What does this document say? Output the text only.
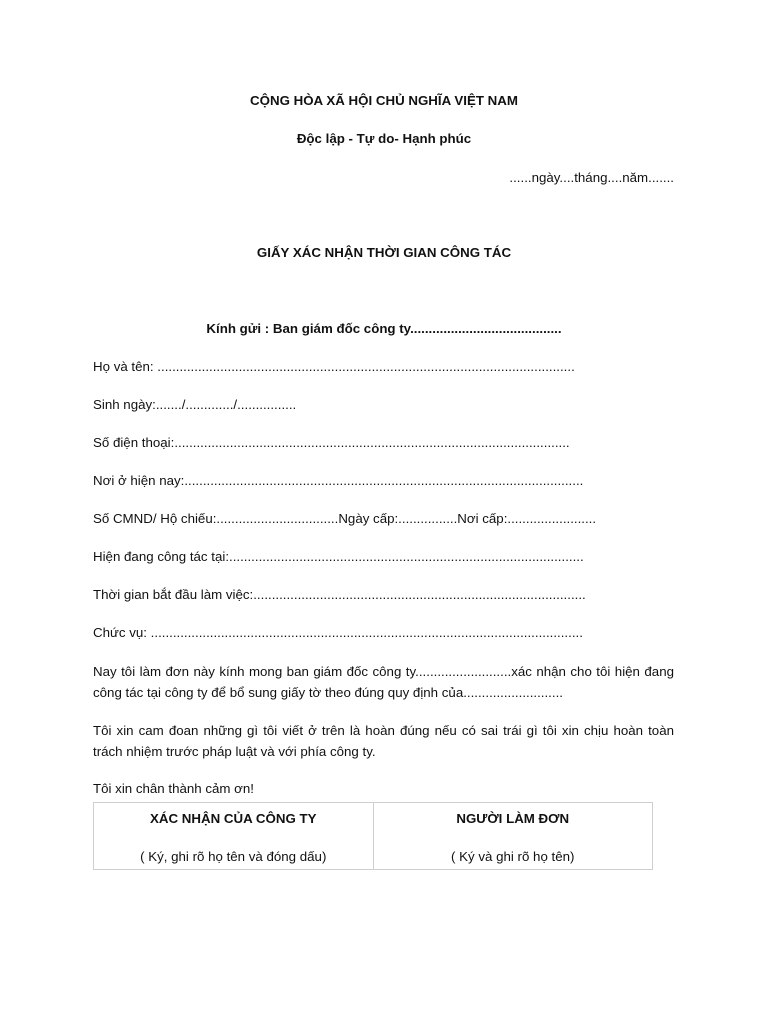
CỘNG HÒA XÃ HỘI CHỦ NGHĨA VIỆT NAM
Độc lập - Tự do- Hạnh phúc
......ngày....tháng....năm.......
GIẤY XÁC NHẬN THỜI GIAN CÔNG TÁC
Kính gửi : Ban giám đốc công ty.........................................
Họ và tên: .................................................................................................................
Sinh ngày:......./............./................
Số điện thoại:...........................................................................................................
Nơi ở hiện nay:............................................................................................................
Số CMND/ Hộ chiếu:.................................Ngày cấp:................Nơi cấp:........................
Hiện đang công tác tại:................................................................................................
Thời gian bắt đầu làm việc:..........................................................................................
Chức vụ: .....................................................................................................................
Nay tôi làm đơn này kính mong ban giám đốc công ty..........................xác nhận cho tôi hiện đang công tác tại công ty để bổ sung giấy tờ theo đúng quy định của...........................
Tôi xin cam đoan những gì tôi viết ở trên là hoàn đúng nếu có sai trái gì tôi xin chịu hoàn toàn trách nhiệm trước pháp luật và với phía công ty.
Tôi xin chân thành cảm ơn!
XÁC NHẬN CỦA CÔNG TY
( Ký, ghi rõ họ tên và đóng dấu)
NGƯỜI LÀM ĐƠN
( Ký và ghi rõ họ tên)
